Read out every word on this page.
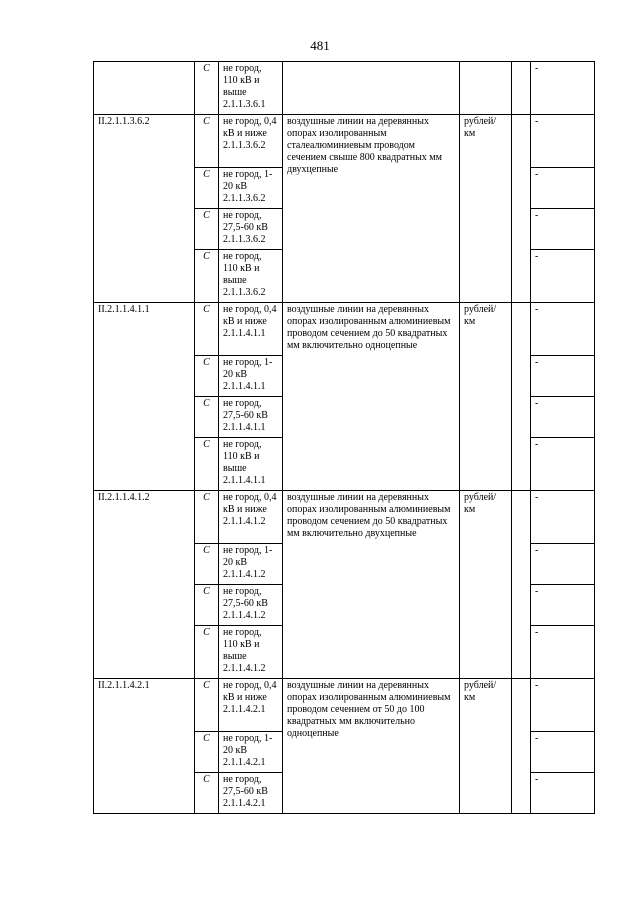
481
	С	не город, 110 кВ и выше 2.1.1.3.6.1				-
II.2.1.1.3.6.2	С	не город, 0,4 кВ и ниже 2.1.1.3.6.2	воздушные линии на деревянных опорах изолированным сталеалюминиевым проводом сечением свыше 800 квадратных мм двухцепные	рублей/ км		-
	С	не город, 1-20 кВ 2.1.1.3.6.2				-
	С	не город, 27,5-60 кВ 2.1.1.3.6.2				-
	С	не город, 110 кВ и выше 2.1.1.3.6.2				-
II.2.1.1.4.1.1	С	не город, 0,4 кВ и ниже 2.1.1.4.1.1	воздушные линии на деревянных опорах изолированным алюминиевым проводом сечением до 50 квадратных мм включительно одноцепные	рублей/ км		-
	С	не город, 1-20 кВ 2.1.1.4.1.1				-
	С	не город, 27,5-60 кВ 2.1.1.4.1.1				-
	С	не город, 110 кВ и выше 2.1.1.4.1.1				-
II.2.1.1.4.1.2	С	не город, 0,4 кВ и ниже 2.1.1.4.1.2	воздушные линии на деревянных опорах изолированным алюминиевым проводом сечением до 50 квадратных мм включительно двухцепные	рублей/ км		-
	С	не город, 1-20 кВ 2.1.1.4.1.2				-
	С	не город, 27,5-60 кВ 2.1.1.4.1.2				-
	С	не город, 110 кВ и выше 2.1.1.4.1.2				-
II.2.1.1.4.2.1	С	не город, 0,4 кВ и ниже 2.1.1.4.2.1	воздушные линии на деревянных опорах изолированным алюминиевым проводом сечением от 50 до 100 квадратных мм включительно одноцепные	рублей/ км		-
	С	не город, 1-20 кВ 2.1.1.4.2.1				-
	С	не город, 27,5-60 кВ 2.1.1.4.2.1				-
